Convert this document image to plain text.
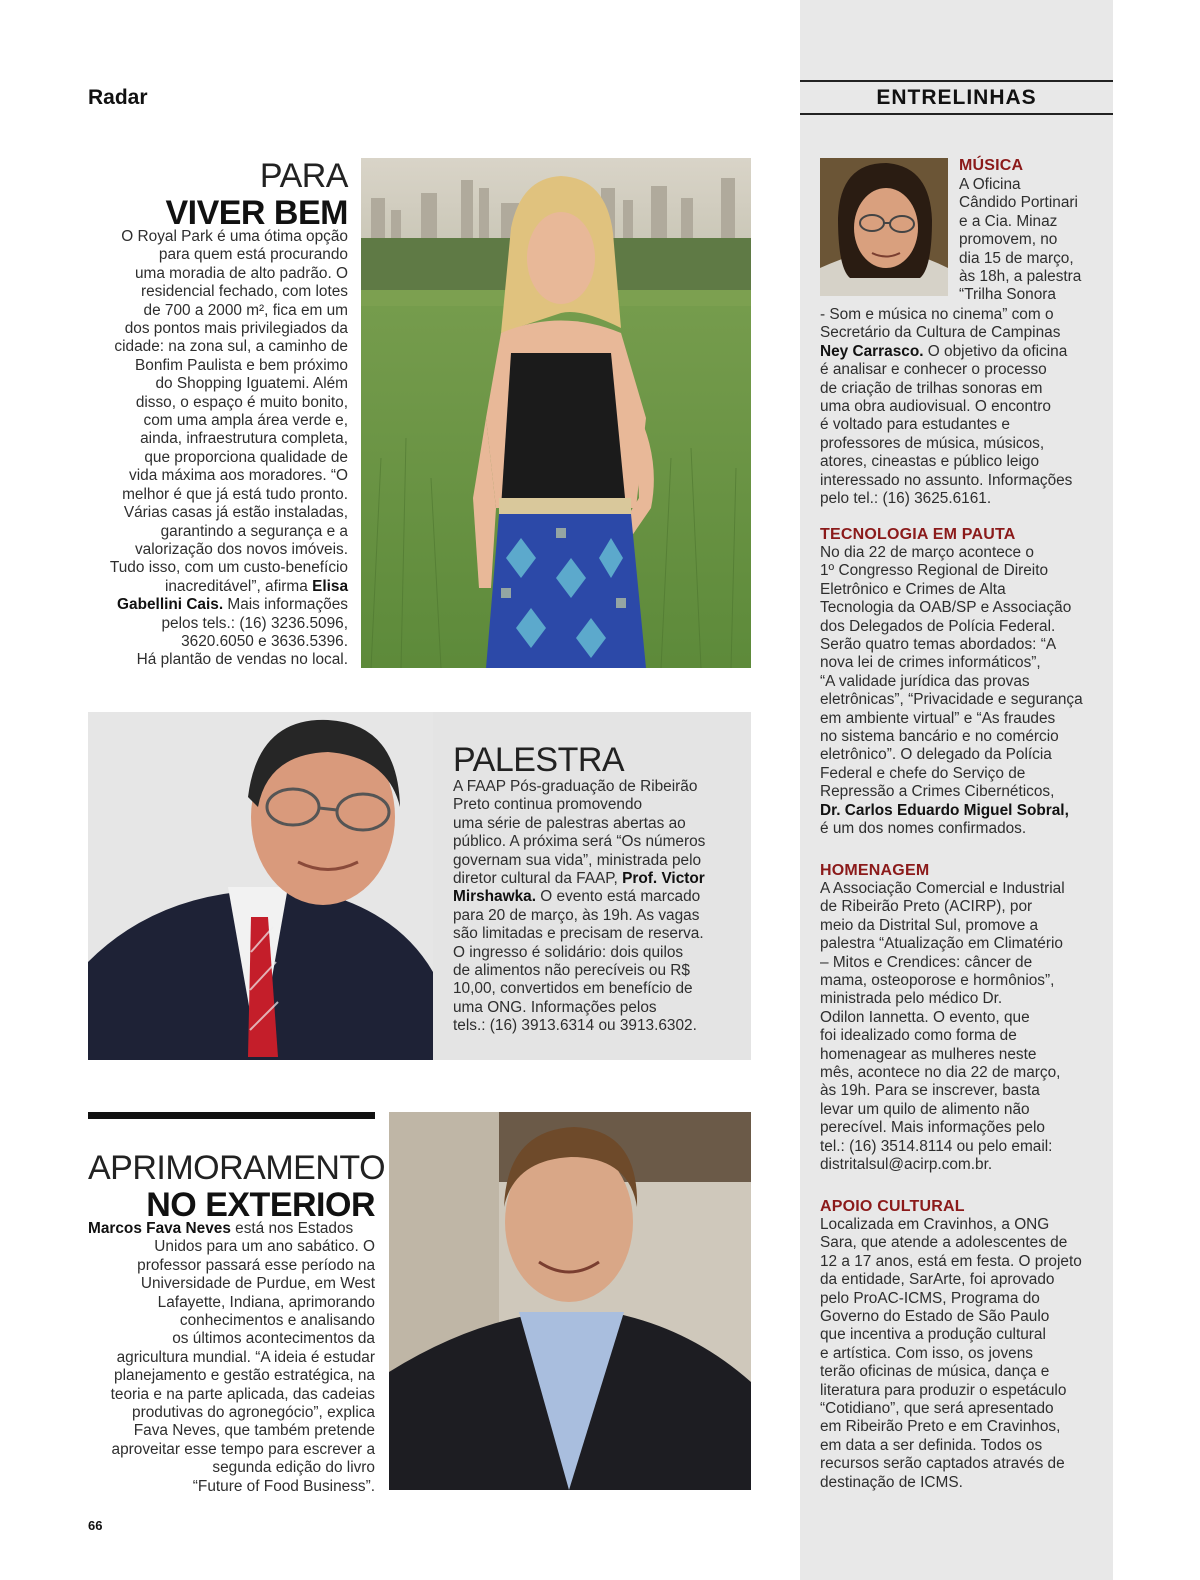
Radar	ENTRELINHAS
PARA
VIVER BEM
O Royal Park é uma ótima opção
para quem está procurando
uma moradia de alto padrão. O
residencial fechado, com lotes
de 700 a 2000 m², fica em um
dos pontos mais privilegiados da
cidade: na zona sul, a caminho de
Bonfim Paulista e bem próximo
do Shopping Iguatemi. Além
disso, o espaço é muito bonito,
com uma ampla área verde e,
ainda, infraestrutura completa,
que proporciona qualidade de
vida máxima aos moradores. “O
melhor é que já está tudo pronto.
Várias casas já estão instaladas,
garantindo a segurança e a
valorização dos novos imóveis.
Tudo isso, com um custo-benefício
inacreditável”, afirma Elisa
Gabellini Cais. Mais informações
pelos tels.: (16) 3236.5096,
3620.6050 e 3636.5396.
Há plantão de vendas no local.
PALESTRA
A FAAP Pós-graduação de Ribeirão
Preto continua promovendo
uma série de palestras abertas ao
público. A próxima será “Os números
governam sua vida”, ministrada pelo
diretor cultural da FAAP, Prof. Victor
Mirshawka. O evento está marcado
para 20 de março, às 19h. As vagas
são limitadas e precisam de reserva.
O ingresso é solidário: dois quilos
de alimentos não perecíveis ou R$
10,00, convertidos em benefício de
uma ONG. Informações pelos
tels.: (16) 3913.6314 ou 3913.6302.
APRIMORAMENTO
NO EXTERIOR
Marcos Fava Neves está nos Estados
Unidos para um ano sabático. O
professor passará esse período na
Universidade de Purdue, em West
Lafayette, Indiana, aprimorando
conhecimentos e analisando
os últimos acontecimentos da
agricultura mundial. “A ideia é estudar
planejamento e gestão estratégica, na
teoria e na parte aplicada, das cadeias
produtivas do agronegócio”, explica
Fava Neves, que também pretende
aproveitar esse tempo para escrever a
segunda edição do livro
“Future of Food Business”.
MÚSICA
A Oficina
Cândido Portinari
e a Cia. Minaz
promovem, no
dia 15 de março,
às 18h, a palestra
“Trilha Sonora
- Som e música no cinema” com o
Secretário da Cultura de Campinas
Ney Carrasco. O objetivo da oficina
é analisar e conhecer o processo
de criação de trilhas sonoras em
uma obra audiovisual. O encontro
é voltado para estudantes e
professores de música, músicos,
atores, cineastas e público leigo
interessado no assunto. Informações
pelo tel.: (16) 3625.6161.
TECNOLOGIA EM PAUTA
No dia 22 de março acontece o
1º Congresso Regional de Direito
Eletrônico e Crimes de Alta
Tecnologia da OAB/SP e Associação
dos Delegados de Polícia Federal.
Serão quatro temas abordados: “A
nova lei de crimes informáticos”,
“A validade jurídica das provas
eletrônicas”, “Privacidade e segurança
em ambiente virtual” e “As fraudes
no sistema bancário e no comércio
eletrônico”. O delegado da Polícia
Federal e chefe do Serviço de
Repressão a Crimes Cibernéticos,
Dr. Carlos Eduardo Miguel Sobral,
é um dos nomes confirmados.
HOMENAGEM
A Associação Comercial e Industrial
de Ribeirão Preto (ACIRP), por
meio da Distrital Sul, promove a
palestra “Atualização em Climatério
– Mitos e Crendices: câncer de
mama, osteoporose e hormônios”,
ministrada pelo médico Dr.
Odilon Iannetta. O evento, que
foi idealizado como forma de
homenagear as mulheres neste
mês, acontece no dia 22 de março,
às 19h. Para se inscrever, basta
levar um quilo de alimento não
perecível. Mais informações pelo
tel.: (16) 3514.8114 ou pelo email:
distritalsul@acirp.com.br.
APOIO CULTURAL
Localizada em Cravinhos, a ONG
Sara, que atende a adolescentes de
12 a 17 anos, está em festa. O projeto
da entidade, SarArte, foi aprovado
pelo ProAC-ICMS, Programa do
Governo do Estado de São Paulo
que incentiva a produção cultural
e artística. Com isso, os jovens
terão oficinas de música, dança e
literatura para produzir o espetáculo
“Cotidiano”, que será apresentado
em Ribeirão Preto e em Cravinhos,
em data a ser definida. Todos os
recursos serão captados através de
destinação de ICMS.
66
